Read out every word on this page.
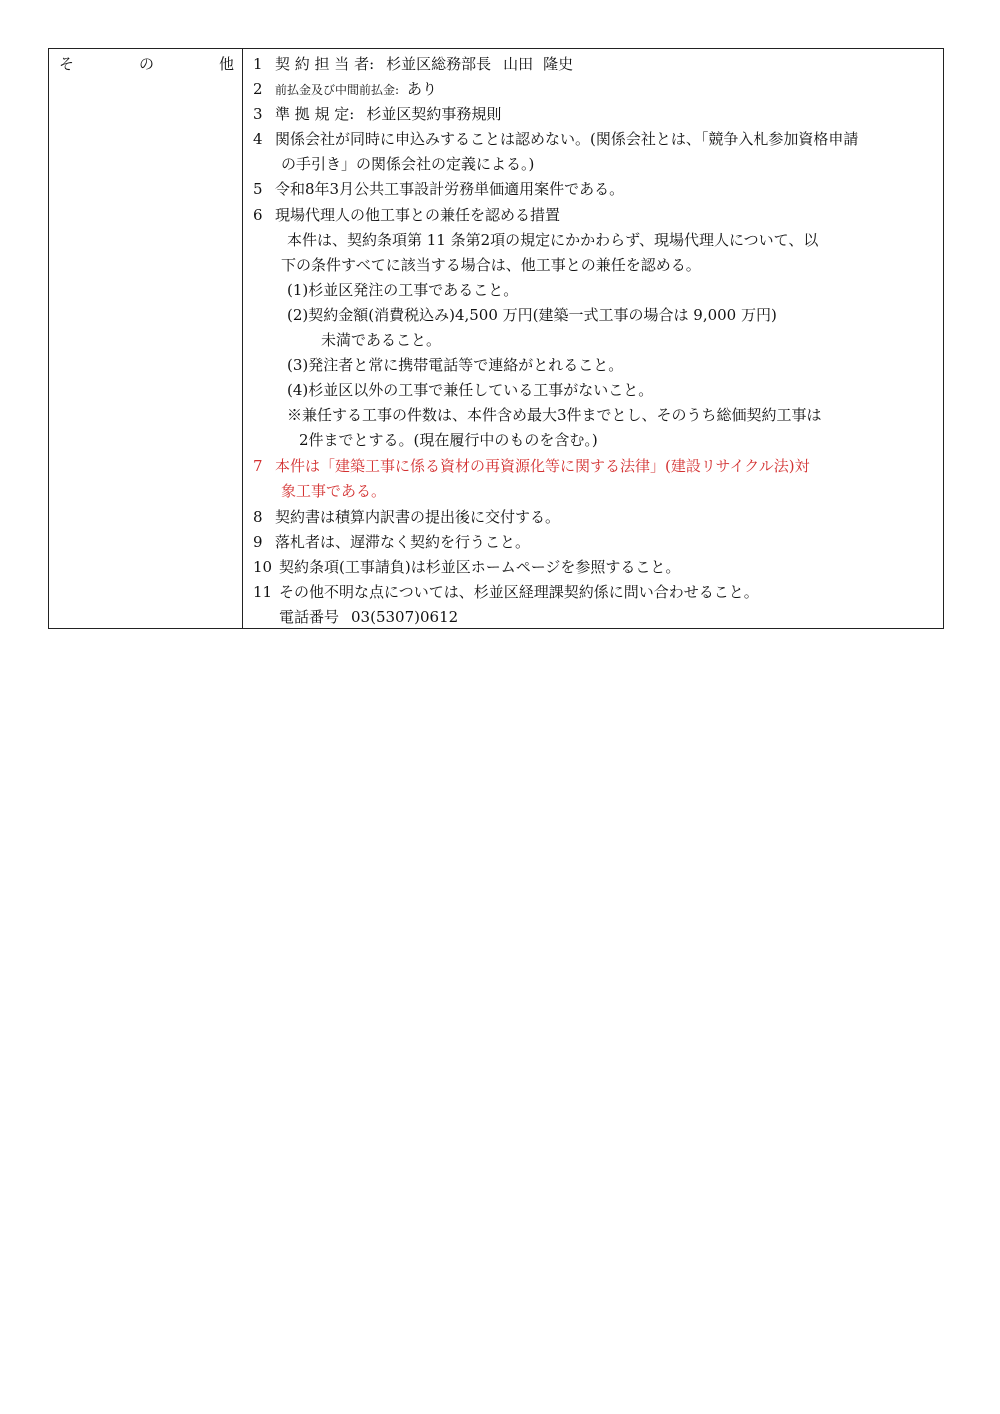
そ	の	他 1 契 約 担 当 者: 杉並区総務部長 山田 隆史
2 前払金及び中間前払金: あり
3 準 拠 規 定: 杉並区契約事務規則
4 関係会社が同時に申込みすることは認めない。(関係会社とは、「競争入札参加資格申請
の手引き」の関係会社の定義による。)
5 令和8年3月公共工事設計労務単価適用案件である。
6 現場代理人の他工事との兼任を認める措置
本件は、契約条項第 11 条第2項の規定にかかわらず、現場代理人について、以
下の条件すべてに該当する場合は、他工事との兼任を認める。
(1)杉並区発注の工事であること。
(2)契約金額(消費税込み)4,500 万円(建築一式工事の場合は 9,000 万円)
未満であること。
(3)発注者と常に携帯電話等で連絡がとれること。
(4)杉並区以外の工事で兼任している工事がないこと。
※兼任する工事の件数は、本件含め最大3件までとし、そのうち総価契約工事は
2件までとする。(現在履行中のものを含む。)
7 本件は「建築工事に係る資材の再資源化等に関する法律」(建設リサイクル法)対
象工事である。
8 契約書は積算内訳書の提出後に交付する。
9 落札者は、遅滞なく契約を行うこと。
10 契約条項(工事請負)は杉並区ホームページを参照すること。
11 その他不明な点については、杉並区経理課契約係に問い合わせること。
電話番号 03(5307)0612
